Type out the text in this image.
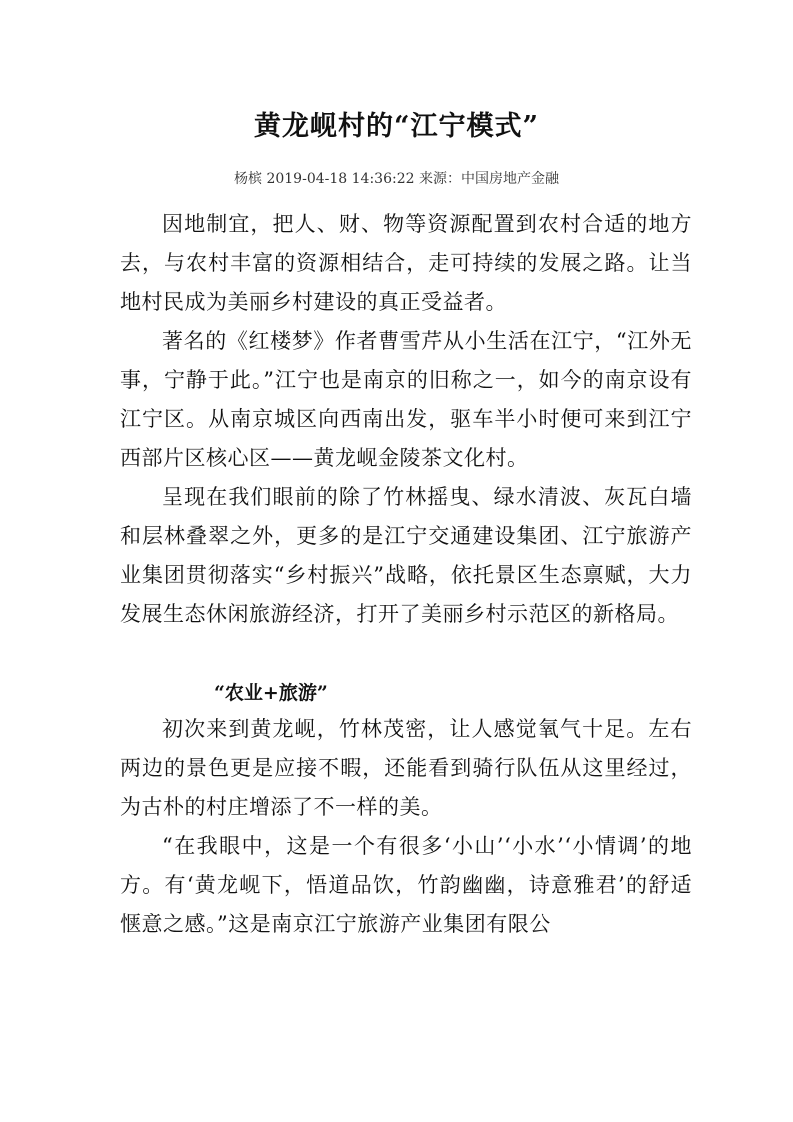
黄龙岘村的“江宁模式”
杨槟 2019-04-18 14:36:22 来源：中国房地产金融

因地制宜，把人、财、物等资源配置到农村合适的地方去，与农村丰富的资源相结合，走可持续的发展之路。让当地村民成为美丽乡村建设的真正受益者。

著名的《红楼梦》作者曹雪芹从小生活在江宁，“江外无事，宁静于此。”江宁也是南京的旧称之一，如今的南京设有江宁区。从南京城区向西南出发，驱车半小时便可来到江宁西部片区核心区——黄龙岘金陵茶文化村。

呈现在我们眼前的除了竹林摇曳、绿水清波、灰瓦白墙和层林叠翠之外，更多的是江宁交通建设集团、江宁旅游产业集团贯彻落实“乡村振兴”战略，依托景区生态禀赋，大力发展生态休闲旅游经济，打开了美丽乡村示范区的新格局。

“农业+旅游”

初次来到黄龙岘，竹林茂密，让人感觉氧气十足。左右两边的景色更是应接不暇，还能看到骑行队伍从这里经过，为古朴的村庄增添了不一样的美。

“在我眼中，这是一个有很多‘小山’‘小水’‘小情调’的地方。有‘黄龙岘下，悟道品饮，竹韵幽幽，诗意雅君’的舒适惬意之感。”这是南京江宁旅游产业集团有限公
